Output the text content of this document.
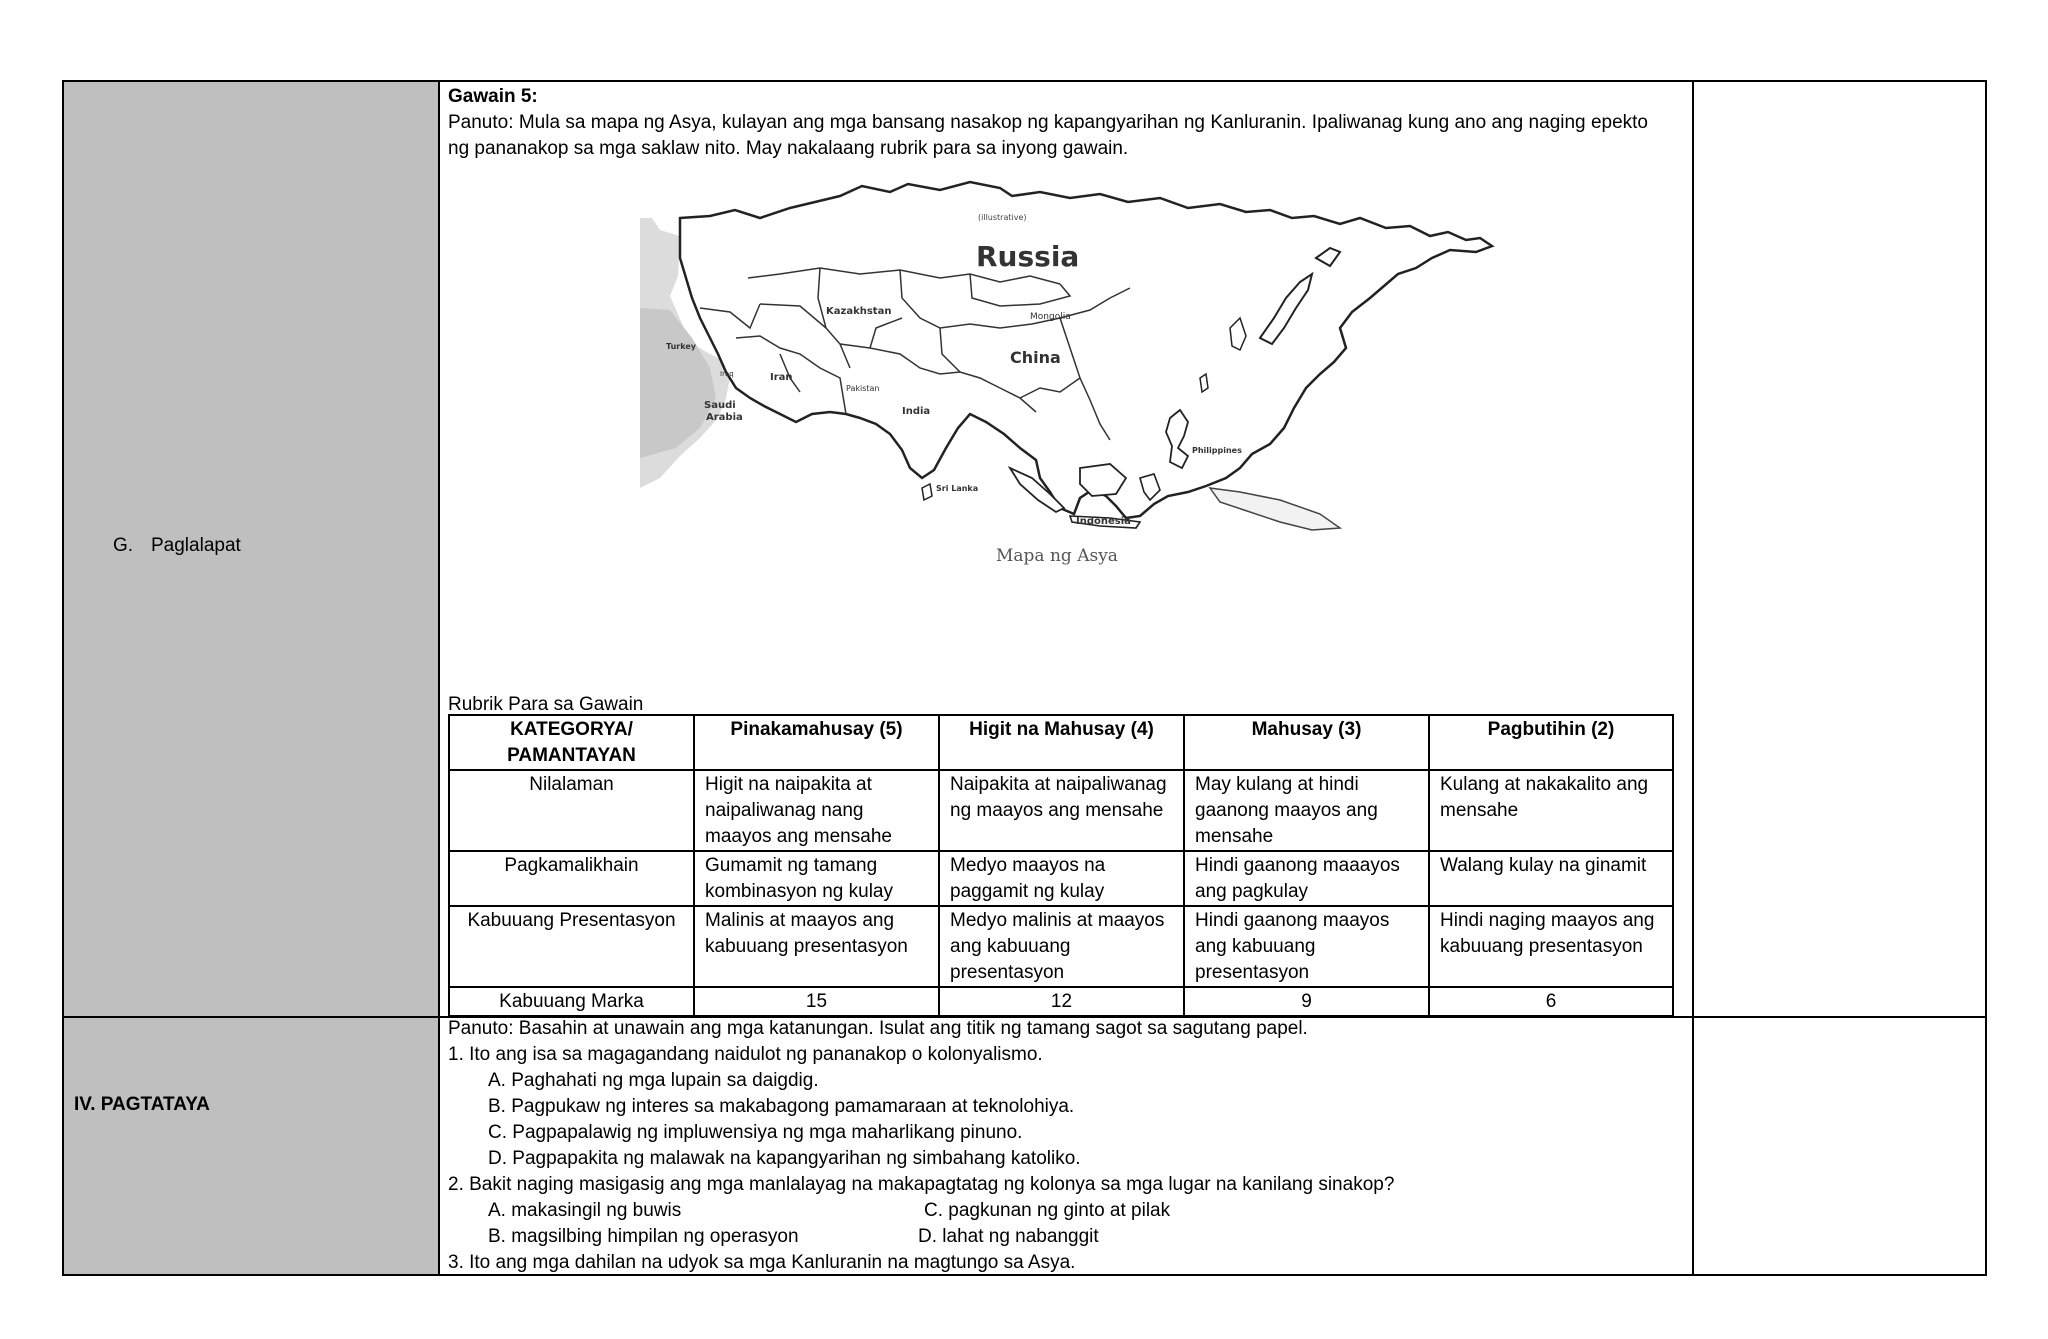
G. Paglalapat
Gawain 5:
Panuto: Mula sa mapa ng Asya, kulayan ang mga bansang nasakop ng kapangyarihan ng Kanluranin. Ipaliwanag kung ano ang naging epekto ng pananakop sa mga saklaw nito. May nakalaang rubrik para sa inyong gawain.
(illustrative)
Russia
Kazakhstan	Mongolia
China
Turkey
Iraq	Iran
Pakistan
Saudi
Arabia
India
Sri Lanka
Philippines
Indonesia
Mapa ng Asya
Rubrik Para sa Gawain
KATEGORYA/ PAMANTAYAN	Pinakamahusay (5)	Higit na Mahusay (4)	Mahusay (3)	Pagbutihin (2)
Nilalaman	Higit na naipakita at naipaliwanag nang maayos ang mensahe	Naipakita at naipaliwanag ng maayos ang mensahe	May kulang at hindi gaanong maayos ang mensahe	Kulang at nakakalito ang mensahe
Pagkamalikhain	Gumamit ng tamang kombinasyon ng kulay	Medyo maayos na paggamit ng kulay	Hindi gaanong maaayos ang pagkulay	Walang kulay na ginamit
Kabuuang Presentasyon	Malinis at maayos ang kabuuang presentasyon	Medyo malinis at maayos ang kabuuang presentasyon	Hindi gaanong maayos ang kabuuang presentasyon	Hindi naging maayos ang kabuuang presentasyon
Kabuuang Marka	15	12	9	6
IV. PAGTATAYA
Panuto: Basahin at unawain ang mga katanungan. Isulat ang titik ng tamang sagot sa sagutang papel.
1. Ito ang isa sa magagandang naidulot ng pananakop o kolonyalismo.
A. Paghahati ng mga lupain sa daigdig.
B. Pagpukaw ng interes sa makabagong pamamaraan at teknolohiya.
C. Pagpapalawig ng impluwensiya ng mga maharlikang pinuno.
D. Pagpapakita ng malawak na kapangyarihan ng simbahang katoliko.
2. Bakit naging masigasig ang mga manlalayag na makapagtatag ng kolonya sa mga lugar na kanilang sinakop?
A. makasingil ng buwis	C. pagkunan ng ginto at pilak
B. magsilbing himpilan ng operasyon	D. lahat ng nabanggit
3. Ito ang mga dahilan na udyok sa mga Kanluranin na magtungo sa Asya.
